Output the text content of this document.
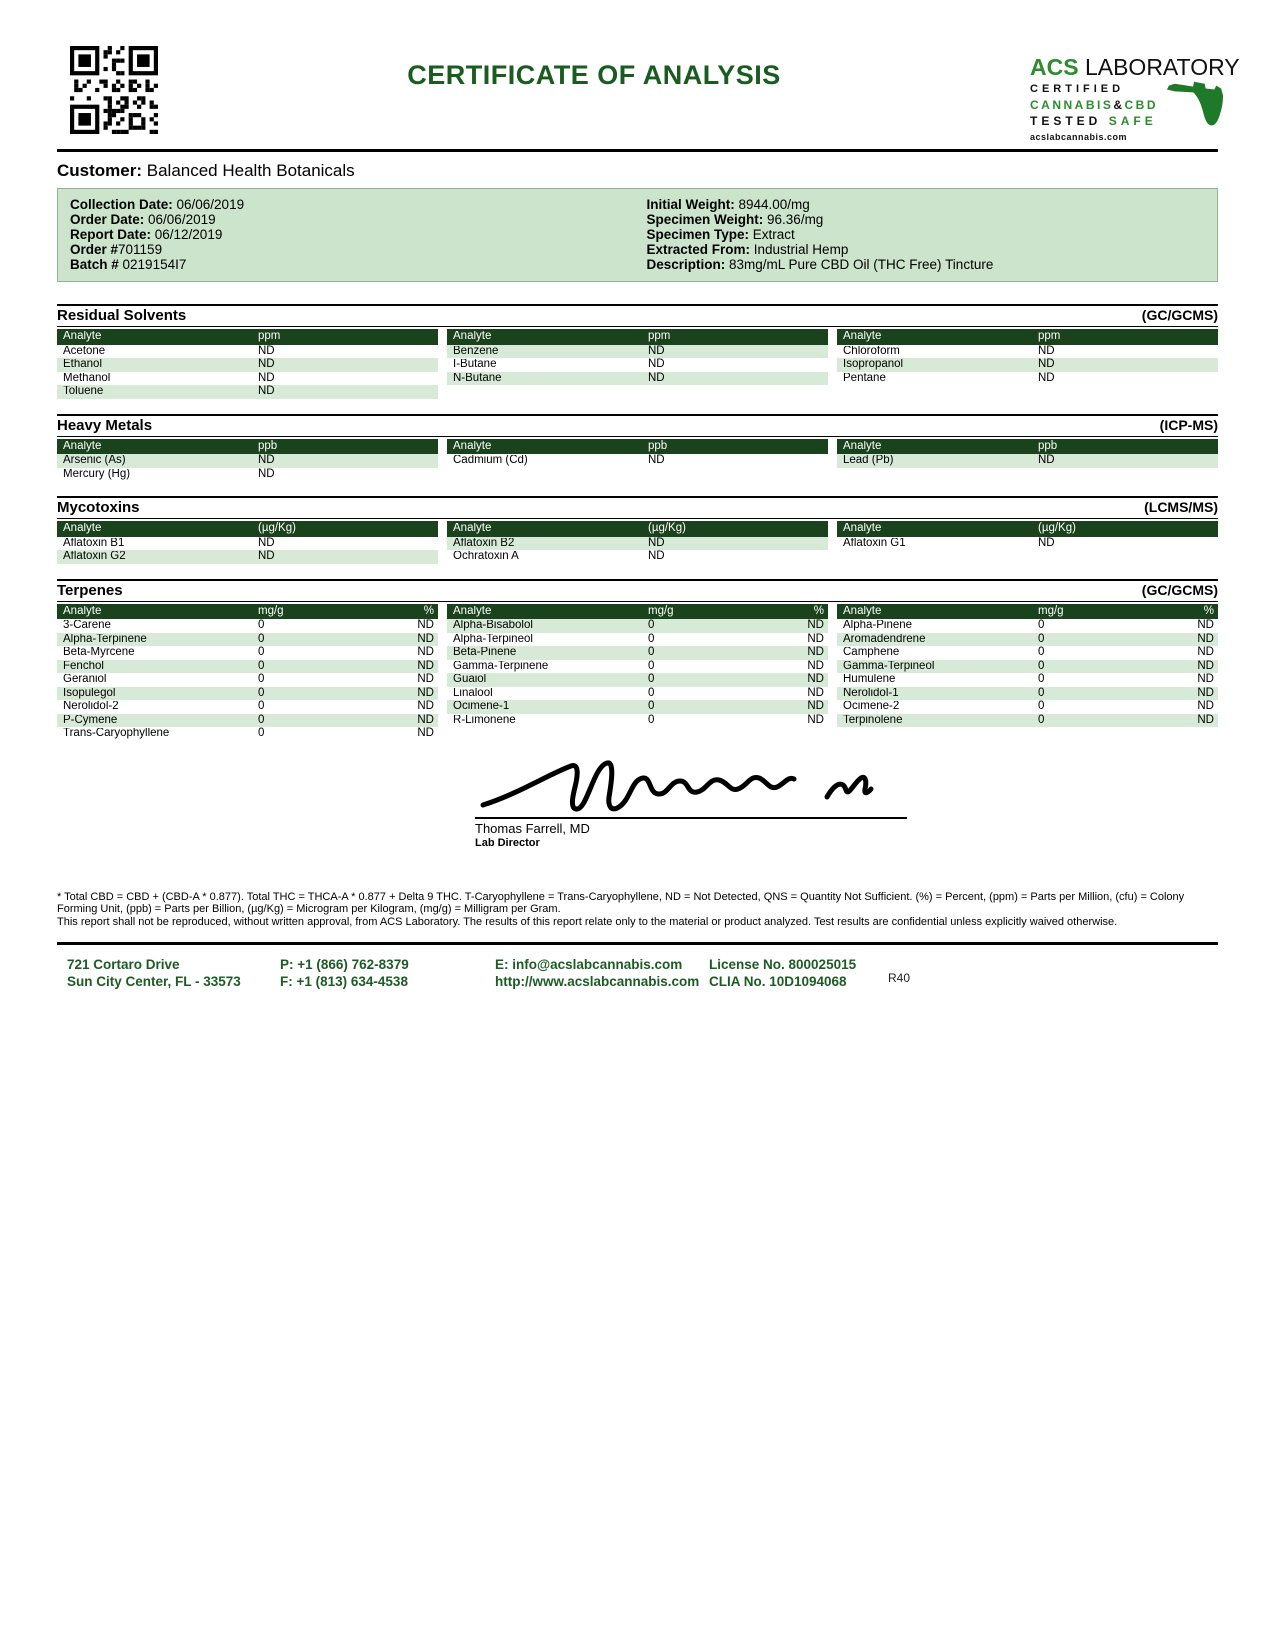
CERTIFICATE OF ANALYSIS	ACS LABORATORY
CERTIFIED
CANNABIS&CBD
TESTED SAFE
acslabcannabis.com
Customer: Balanced Health Botanicals
Collection Date: 06/06/2019
Order Date: 06/06/2019
Report Date: 06/12/2019
Order #701159
Batch # 0219154I7
Initial Weight: 8944.00/mg
Specimen Weight: 96.36/mg
Specimen Type: Extract
Extracted From: Industrial Hemp
Description: 83mg/mL Pure CBD Oil (THC Free) Tincture
Residual Solvents	(GC/GCMS)
Analyte	ppm
Acetone	ND
Ethanol	ND
Methanol	ND
Toluene	ND
Analyte	ppm
Benzene	ND
I-Butane	ND
N-Butane	ND
Analyte	ppm
Chloroform	ND
Isopropanol	ND
Pentane	ND
Heavy Metals	(ICP-MS)
Analyte	ppb
Arsenic (As)	ND
Mercury (Hg)	ND
Analyte	ppb
Cadmium (Cd)	ND
Analyte	ppb
Lead (Pb)	ND
Mycotoxins	(LCMS/MS)
Analyte	(µg/Kg)
Aflatoxin B1	ND
Aflatoxin G2	ND
Analyte	(µg/Kg)
Aflatoxin B2	ND
Ochratoxin A	ND
Analyte	(µg/Kg)
Aflatoxin G1	ND
Terpenes	(GC/GCMS)
Analyte	mg/g	%
3-Carene	0	ND
Alpha-Terpinene	0	ND
Beta-Myrcene	0	ND
Fenchol	0	ND
Geraniol	0	ND
Isopulegol	0	ND
Nerolidol-2	0	ND
P-Cymene	0	ND
Trans-Caryophyllene	0	ND
Analyte	mg/g	%
Alpha-Bisabolol	0	ND
Alpha-Terpineol	0	ND
Beta-Pinene	0	ND
Gamma-Terpinene	0	ND
Guaiol	0	ND
Linalool	0	ND
Ocimene-1	0	ND
R-Limonene	0	ND
Analyte	mg/g	%
Alpha-Pinene	0	ND
Aromadendrene	0	ND
Camphene	0	ND
Gamma-Terpineol	0	ND
Humulene	0	ND
Nerolidol-1	0	ND
Ocimene-2	0	ND
Terpinolene	0	ND
Thomas Farrell, MD
Lab Director
* Total CBD = CBD + (CBD-A * 0.877). Total THC = THCA-A * 0.877 + Delta 9 THC. T-Caryophyllene = Trans-Caryophyllene, ND = Not Detected, QNS = Quantity Not Sufficient. (%) = Percent, (ppm) = Parts per Million, (cfu) = Colony Forming Unit, (ppb) = Parts per Billion, (µg/Kg) = Microgram per Kilogram, (mg/g) = Milligram per Gram.
This report shall not be reproduced, without written approval, from ACS Laboratory. The results of this report relate only to the material or product analyzed. Test results are confidential unless explicitly waived otherwise.
721 Cortaro Drive
Sun City Center, FL - 33573
P: +1 (866) 762-8379
F: +1 (813) 634-4538
E: info@acslabcannabis.com
http://www.acslabcannabis.com
License No. 800025015
CLIA No. 10D1094068	R40
